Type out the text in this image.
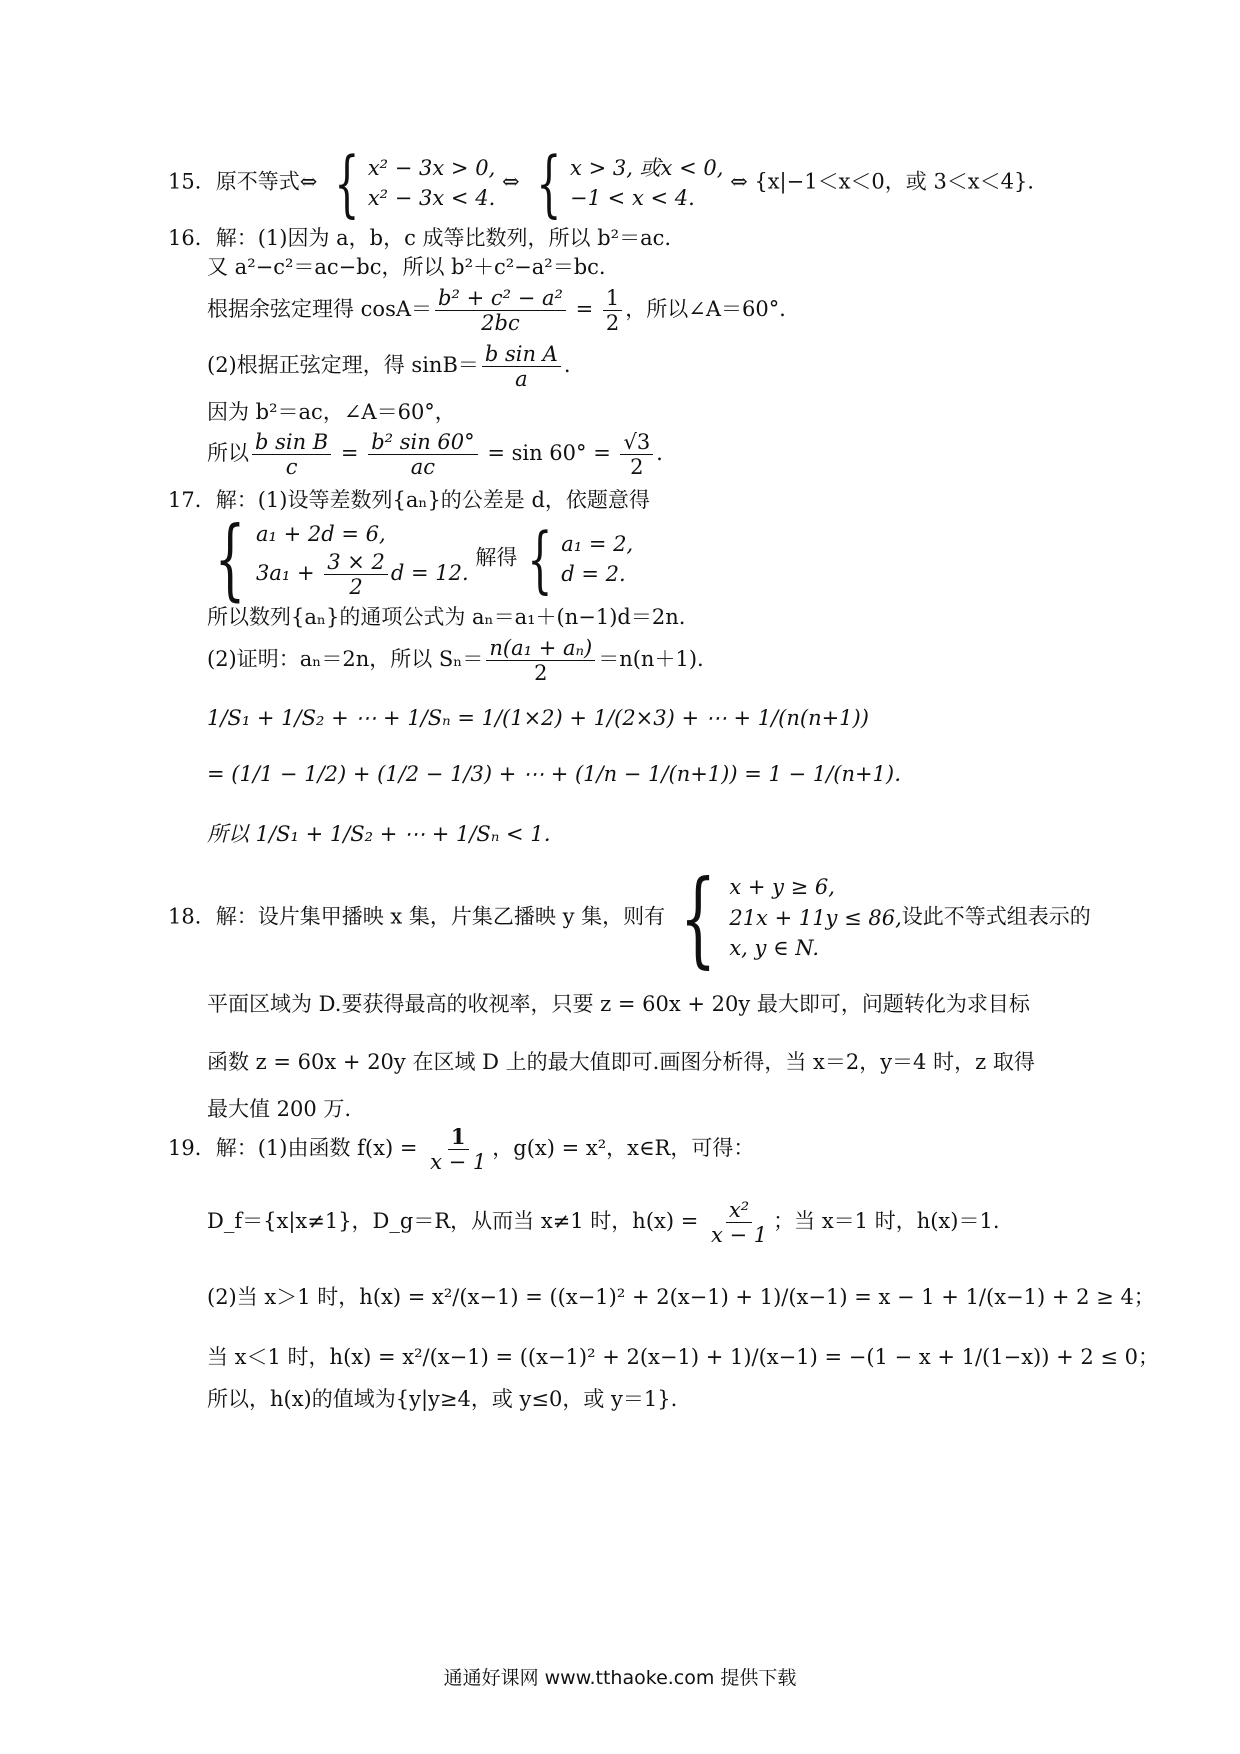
15．原不等式⇔ { x² − 3x > 0,
x² − 3x < 4.
⇔ { x > 3, 或x < 0,
−1 < x < 4.
⇔ {x|−1＜x＜0，或 3＜x＜4}．
16．解：(1)因为 a，b，c 成等比数列，所以 b²＝ac.
又 a²−c²＝ac−bc，所以 b²＋c²−a²＝bc.
根据余弦定理得 $\cos A= \frac{\text{b² + c² − a²}}{2bc} = \frac{1}{2}$ ，所以∠A＝60°．
(2)根据正弦定理，得 $\sin B= \frac{\text{b sin A}}{a}$ .
因为 b²＝ac，∠A＝60°，
所以 $\frac{\text{b sin B}}{c} = \frac{\text{b² sin 60°}}{ac} = \sin 60^\circ = \frac{√3}{2}$ ．
17．解：(1)设等差数列{aₙ}的公差是 d，依题意得
{ a₁ + 2d = 6,
$3a_1 + \frac{3 \times 2}{2}$ d = 12.
解得 { a₁ = 2,
d = 2.
所以数列{aₙ}的通项公式为 aₙ＝a₁＋(n−1)d＝2n.
(2)证明：aₙ＝2n，所以 $S_n= \frac{\text{n(a₁ + aₙ)}}{2} =n(n+1)$.
1/S₁ + 1/S₂ + ⋯ + 1/Sₙ = 1/(1×2) + 1/(2×3) + ⋯ + 1/(n(n+1))
= (1/1 − 1/2) + (1/2 − 1/3) + ⋯ + (1/n − 1/(n+1)) = 1 − 1/(n+1)．
所以 1/S₁ + 1/S₂ + ⋯ + 1/Sₙ < 1．
18．解：设片集甲播映 x 集，片集乙播映 y 集，则有 { x + y ≥ 6,
21x + 11y ≤ 86,
x, y ∈ N.
设此不等式组表示的
平面区域为 D.要获得最高的收视率，只要 z = 60x + 20y 最大即可，问题转化为求目标
函数 z = 60x + 20y 在区域 D 上的最大值即可.画图分析得，当 x＝2，y＝4 时，z 取得
最大值 200 万.
19．解：(1)由函数 $f(x) = \frac{1}{x - 1}$ ，g(x) = x²，x∈R，可得：
D_f＝{x|x≠1}，D_g＝R，从而当 x≠1 时，$h(x) = \frac{\text{x²}}{x - 1}$ ；当 x＝1 时，h(x)＝1.
(2)当 x＞1 时，h(x) = x²/(x−1) = ((x−1)² + 2(x−1) + 1)/(x−1) = x − 1 + 1/(x−1) + 2 ≥ 4；
当 x＜1 时，h(x) = x²/(x−1) = ((x−1)² + 2(x−1) + 1)/(x−1) = −(1 − x + 1/(1−x)) + 2 ≤ 0；
所以，h(x)的值域为{y|y≥4，或 y≤0，或 y＝1}.
通通好课网 www.tthaoke.com 提供下载
